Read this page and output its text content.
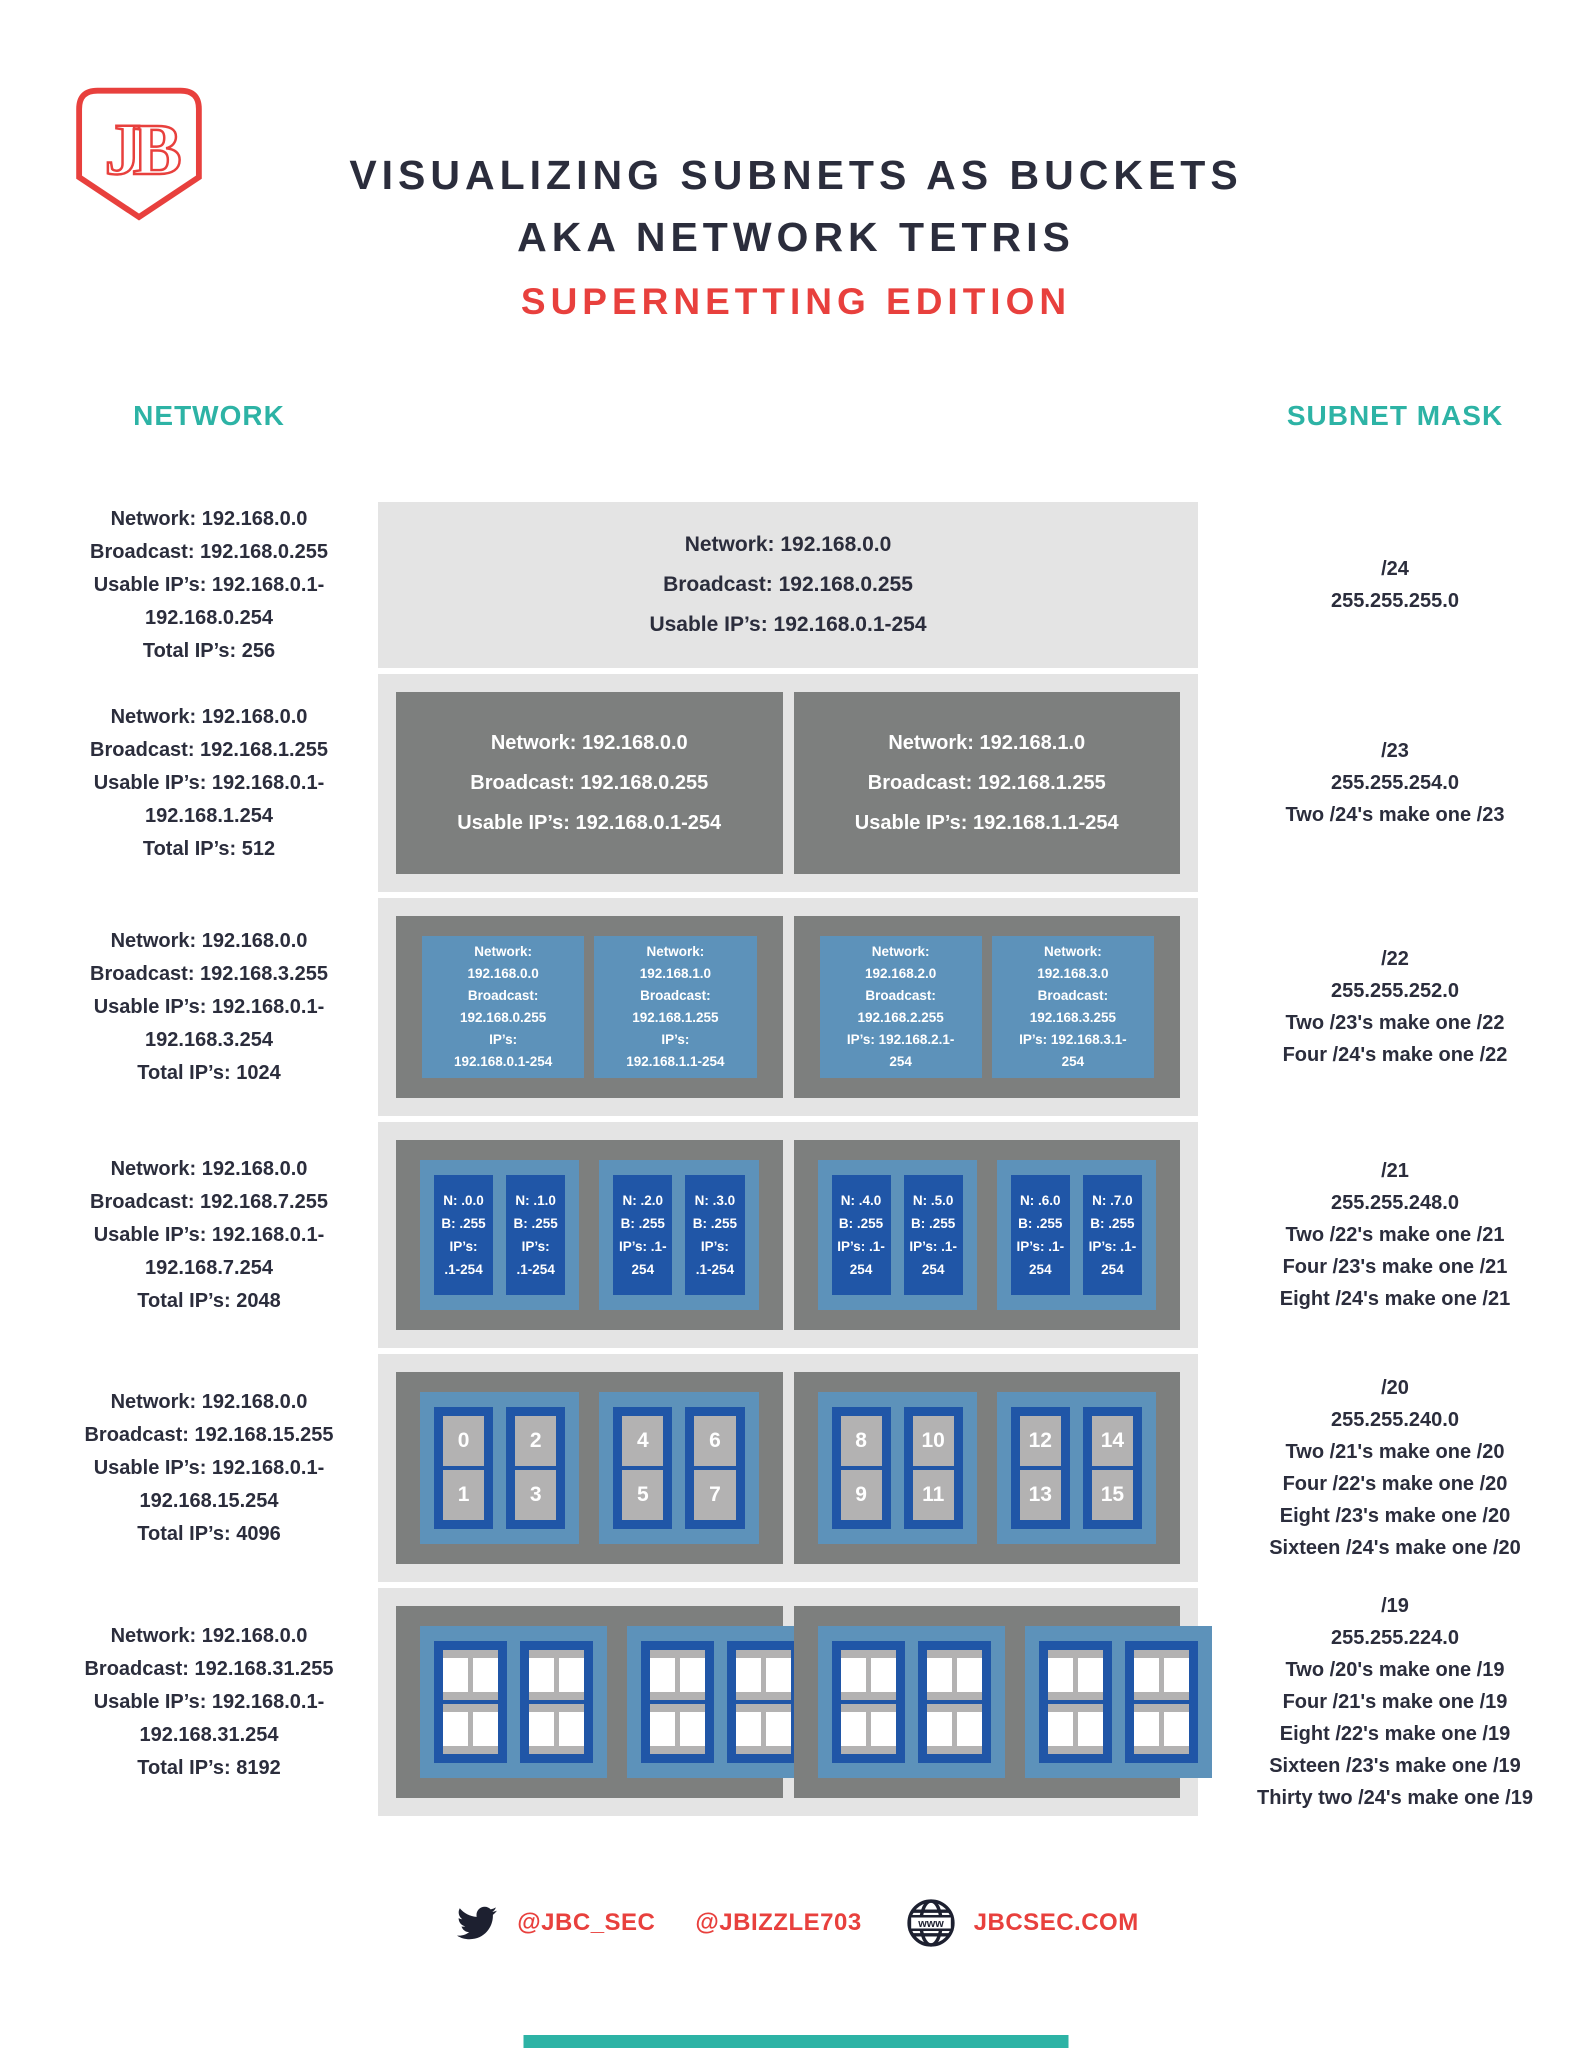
JB	VISUALIZING SUBNETS AS BUCKETS
AKA NETWORK TETRIS
SUPERNETTING EDITION
NETWORK	SUBNET MASK
Network: 192.168.0.0
Broadcast: 192.168.0.255
Usable IP’s: 192.168.0.1-
192.168.0.254
Total IP’s: 256
Network: 192.168.0.0
Broadcast: 192.168.0.255
Usable IP’s: 192.168.0.1-254
/24
255.255.255.0
Network: 192.168.0.0
Broadcast: 192.168.1.255
Usable IP’s: 192.168.0.1-
192.168.1.254
Total IP’s: 512
Network: 192.168.0.0
Broadcast: 192.168.0.255
Usable IP’s: 192.168.0.1-254
Network: 192.168.1.0
Broadcast: 192.168.1.255
Usable IP’s: 192.168.1.1-254
/23
255.255.254.0
Two /24's make one /23
Network: 192.168.0.0
Broadcast: 192.168.3.255
Usable IP’s: 192.168.0.1-
192.168.3.254
Total IP’s: 1024
Network:
192.168.0.0
Broadcast:
192.168.0.255
IP’s:
192.168.0.1-254
Network:
192.168.1.0
Broadcast:
192.168.1.255
IP’s:
192.168.1.1-254
Network:
192.168.2.0
Broadcast:
192.168.2.255
IP’s: 192.168.2.1-
254
Network:
192.168.3.0
Broadcast:
192.168.3.255
IP’s: 192.168.3.1-
254
/22
255.255.252.0
Two /23's make one /22
Four /24's make one /22
Network: 192.168.0.0
Broadcast: 192.168.7.255
Usable IP’s: 192.168.0.1-
192.168.7.254
Total IP’s: 2048
N: .0.0
B: .255
IP’s:
.1-254
N: .1.0
B: .255
IP’s:
.1-254
N: .2.0
B: .255
IP’s: .1-
254
N: .3.0
B: .255
IP’s:
.1-254
N: .4.0
B: .255
IP’s: .1-
254
N: .5.0
B: .255
IP’s: .1-
254
N: .6.0
B: .255
IP’s: .1-
254
N: .7.0
B: .255
IP’s: .1-
254
/21
255.255.248.0
Two /22's make one /21
Four /23's make one /21
Eight /24's make one /21
Network: 192.168.0.0
Broadcast: 192.168.15.255
Usable IP’s: 192.168.0.1-
192.168.15.254
Total IP’s: 4096
0
1
2
3
4
5
6
7
8
9
10
11
12
13
14
15
/20
255.255.240.0
Two /21's make one /20
Four /22's make one /20
Eight /23's make one /20
Sixteen /24's make one /20
Network: 192.168.0.0
Broadcast: 192.168.31.255
Usable IP’s: 192.168.0.1-
192.168.31.254
Total IP’s: 8192
/19
255.255.224.0
Two /20's make one /19
Four /21's make one /19
Eight /22's make one /19
Sixteen /23's make one /19
Thirty two /24's make one /19
@JBC_SEC @JBIZZLE703	www JBCSEC.COM
